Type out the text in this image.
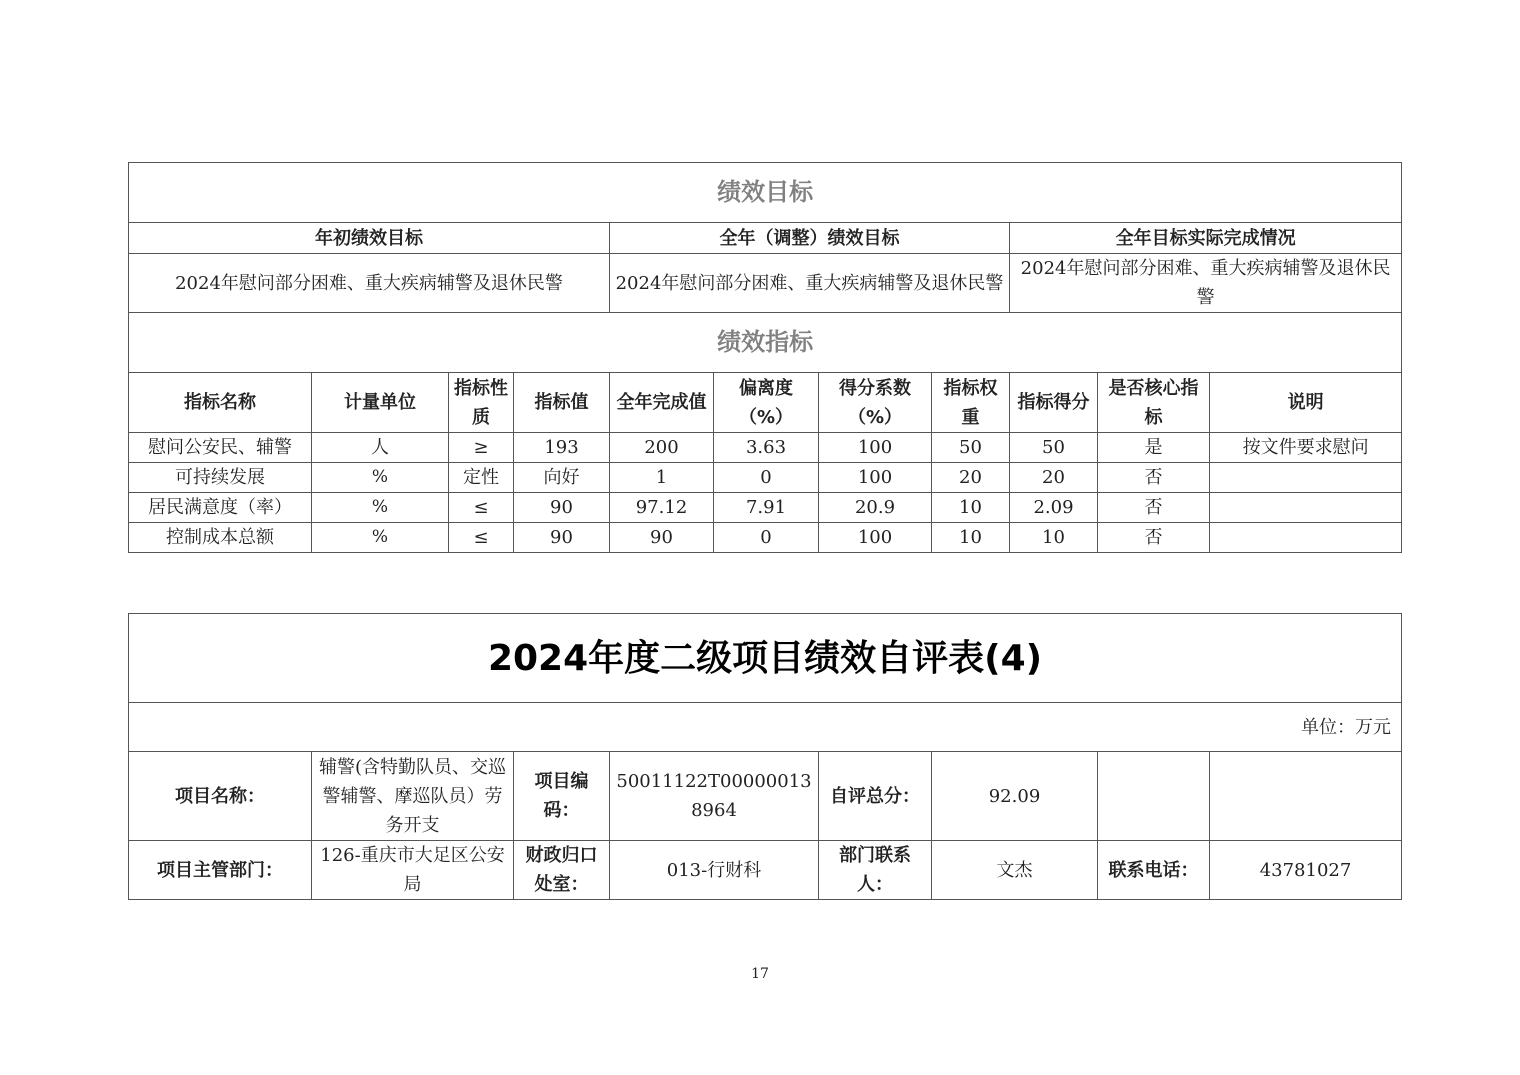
绩效目标										
年初绩效目标				全年（调整）绩效目标				全年目标实际完成情况		
2024年慰问部分困难、重大疾病辅警及退休民警				2024年慰问部分困难、重大疾病辅警及退休民警				2024年慰问部分困难、重大疾病辅警及退休民警		
绩效指标										
指标名称	计量单位	指标性质	指标值	全年完成值	偏离度（%）	得分系数（%）	指标权重	指标得分	是否核心指标	说明
慰问公安民、辅警	人	≥	193	200	3.63	100	50	50	是	按文件要求慰问
可持续发展	%	定性	向好	1	0	100	20	20	否	
居民满意度（率）	%	≤	90	97.12	7.91	20.9	10	2.09	否	
控制成本总额	%	≤	90	90	0	100	10	10	否	
2024年度二级项目绩效自评表(4)							
单位：万元							
项目名称：	辅警(含特勤队员、交巡警辅警、摩巡队员）劳务开支	项目编码：	50011122T000000138964	自评总分：	92.09		
项目主管部门：	126-重庆市大足区公安局	财政归口处室：	013-行财科	部门联系人：	文杰	联系电话：	43781027
17
